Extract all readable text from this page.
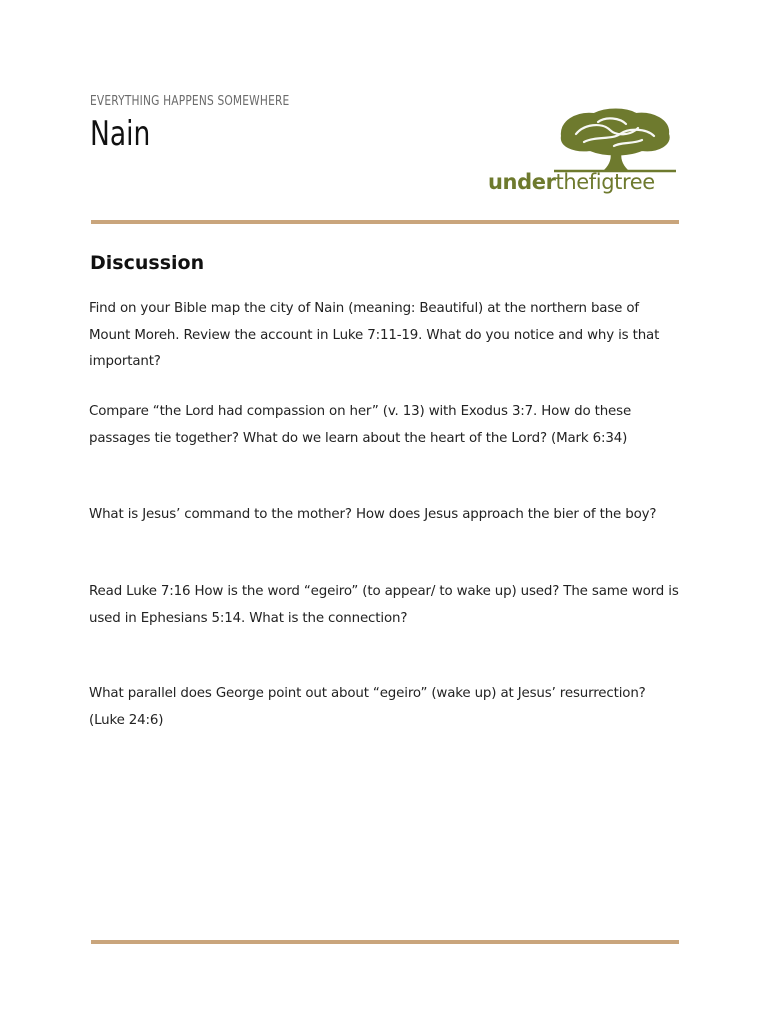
EVERYTHING HAPPENS SOMEWHERE
Nain
underthefigtree
Discussion

Find on your Bible map the city of Nain (meaning: Beautiful) at the northern base of Mount Moreh. Review the account in Luke 7:11-19. What do you notice and why is that important?

Compare “the Lord had compassion on her” (v. 13) with Exodus 3:7. How do these passages tie together? What do we learn about the heart of the Lord? (Mark 6:34)

What is Jesus’ command to the mother? How does Jesus approach the bier of the boy?

Read Luke 7:16 How is the word “egeiro” (to appear/ to wake up) used? The same word is used in Ephesians 5:14. What is the connection?

What parallel does George point out about “egeiro” (wake up) at Jesus’ resurrection? (Luke 24:6)
